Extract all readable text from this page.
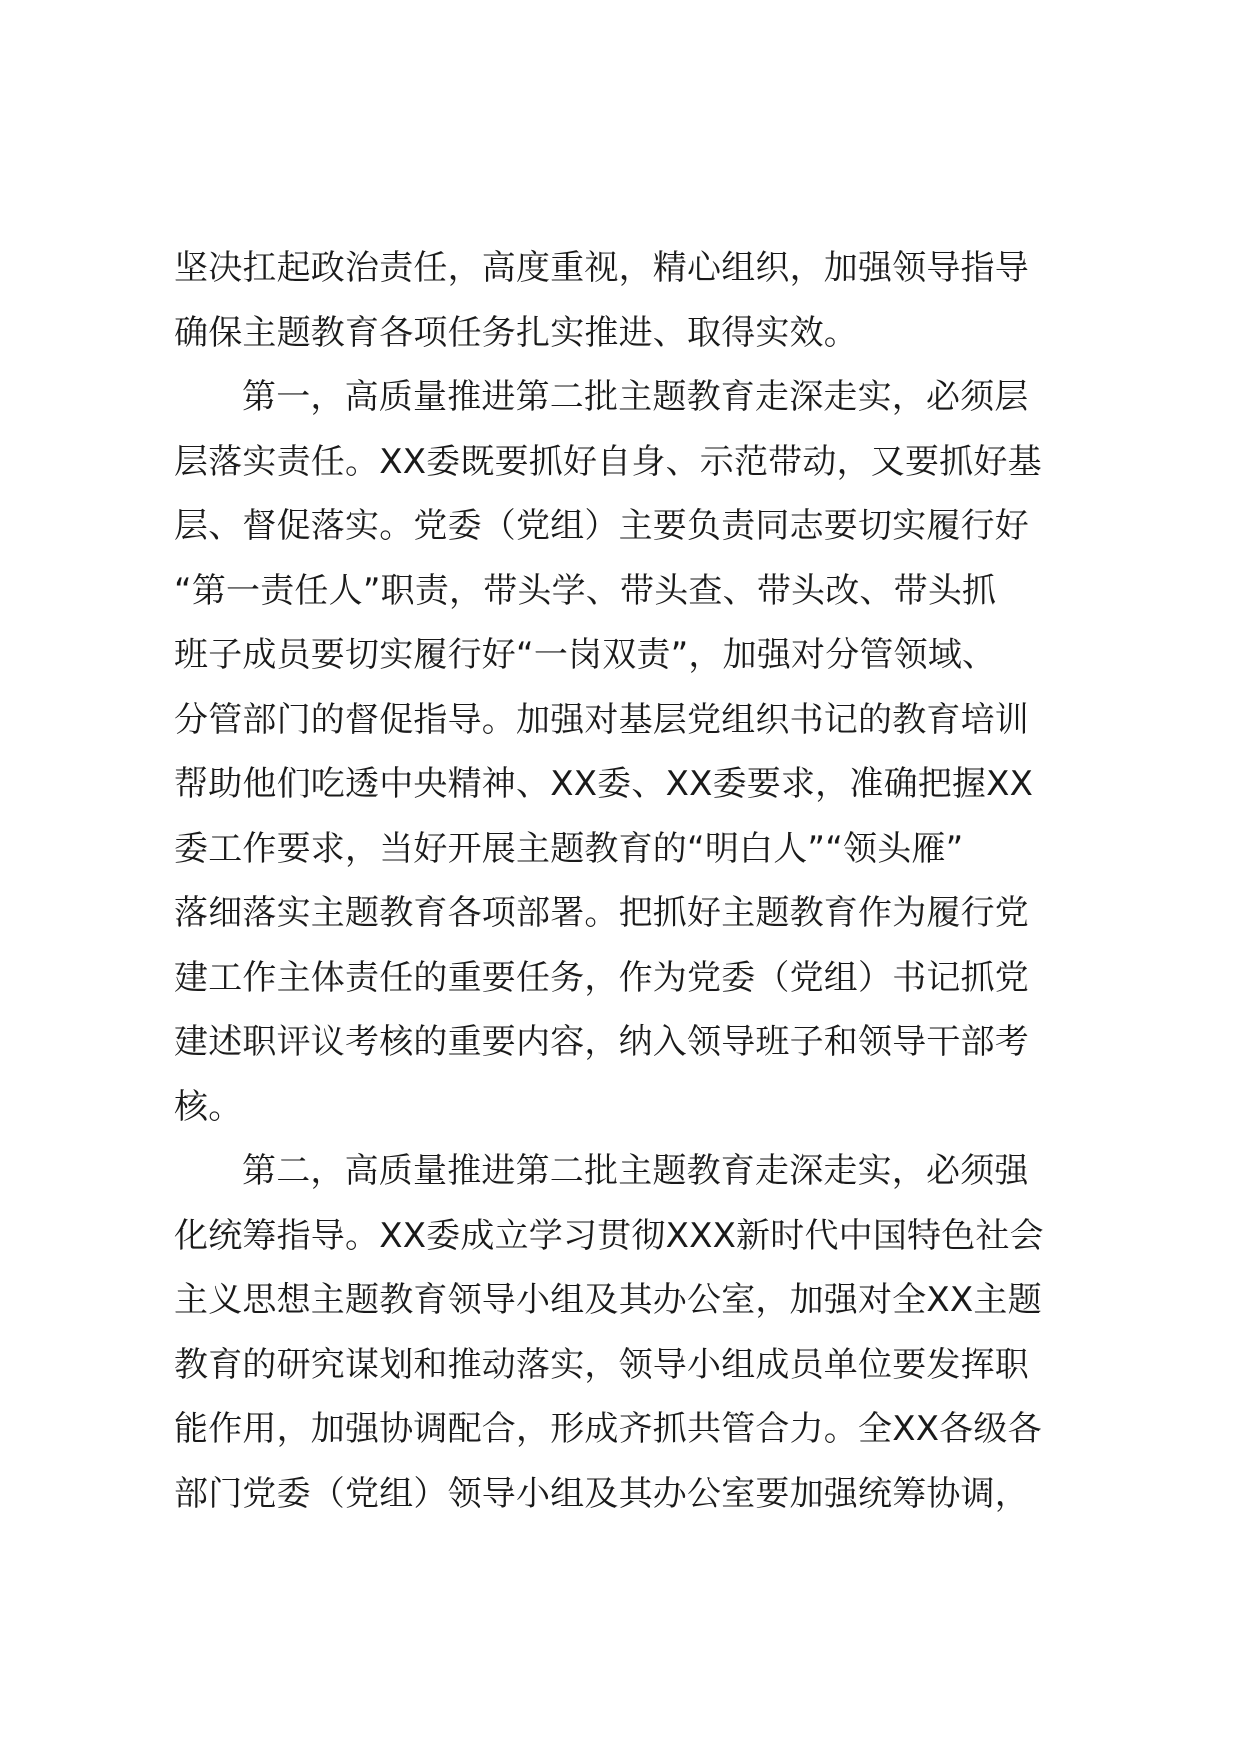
坚决扛起政治责任，高度重视，精心组织，加强领导指导
确保主题教育各项任务扎实推进、取得实效。
第一，高质量推进第二批主题教育走深走实，必须层
层落实责任。XX委既要抓好自身、示范带动，又要抓好基
层、督促落实。党委（党组）主要负责同志要切实履行好
“第一责任人”职责，带头学、带头查、带头改、带头抓
班子成员要切实履行好“一岗双责”，加强对分管领域、
分管部门的督促指导。加强对基层党组织书记的教育培训
帮助他们吃透中央精神、XX委、XX委要求，准确把握XX
委工作要求，当好开展主题教育的“明白人”“领头雁”
落细落实主题教育各项部署。把抓好主题教育作为履行党
建工作主体责任的重要任务，作为党委（党组）书记抓党
建述职评议考核的重要内容，纳入领导班子和领导干部考
核。
第二，高质量推进第二批主题教育走深走实，必须强
化统筹指导。XX委成立学习贯彻XXX新时代中国特色社会
主义思想主题教育领导小组及其办公室，加强对全XX主题
教育的研究谋划和推动落实，领导小组成员单位要发挥职
能作用，加强协调配合，形成齐抓共管合力。全XX各级各
部门党委（党组）领导小组及其办公室要加强统筹协调，
